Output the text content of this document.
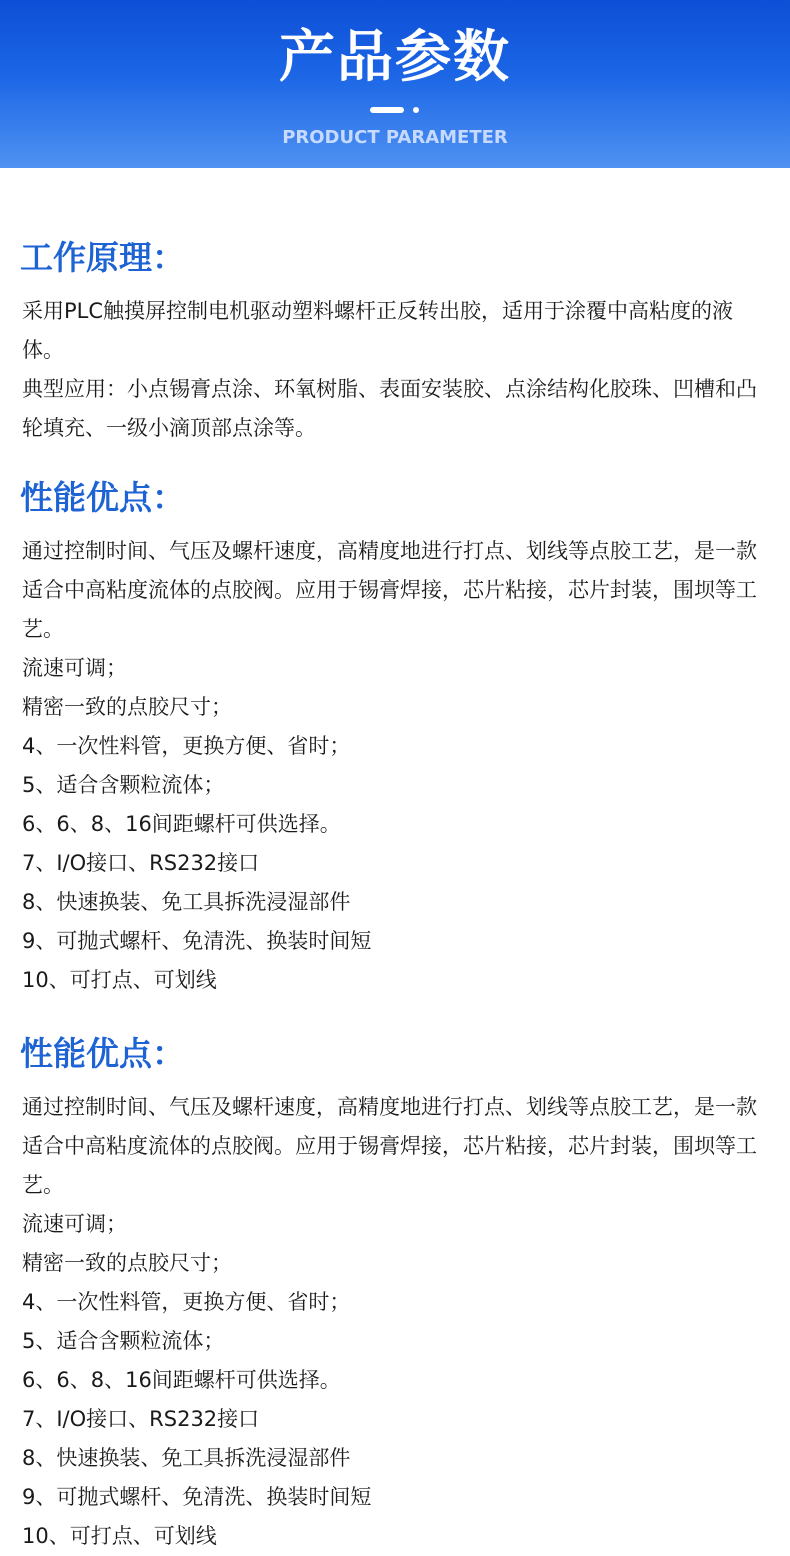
产品参数
PRODUCT PARAMETER
工作原理：
采用PLC触摸屏控制电机驱动塑料螺杆正反转出胶，适用于涂覆中高粘度的液体。
典型应用：小点锡膏点涂、环氧树脂、表面安装胶、点涂结构化胶珠、凹槽和凸轮填充、一级小滴顶部点涂等。
性能优点：
通过控制时间、气压及螺杆速度，高精度地进行打点、划线等点胶工艺，是一款适合中高粘度流体的点胶阀。应用于锡膏焊接，芯片粘接，芯片封装，围坝等工艺。
流速可调；
精密一致的点胶尺寸；
4、一次性料管，更换方便、省时；
5、适合含颗粒流体；
6、6、8、16间距螺杆可供选择。
7、I/O接口、RS232接口
8、快速换装、免工具拆洗浸湿部件
9、可抛式螺杆、免清洗、换装时间短
10、可打点、可划线
性能优点：
通过控制时间、气压及螺杆速度，高精度地进行打点、划线等点胶工艺，是一款适合中高粘度流体的点胶阀。应用于锡膏焊接，芯片粘接，芯片封装，围坝等工艺。
流速可调；
精密一致的点胶尺寸；
4、一次性料管，更换方便、省时；
5、适合含颗粒流体；
6、6、8、16间距螺杆可供选择。
7、I/O接口、RS232接口
8、快速换装、免工具拆洗浸湿部件
9、可抛式螺杆、免清洗、换装时间短
10、可打点、可划线
